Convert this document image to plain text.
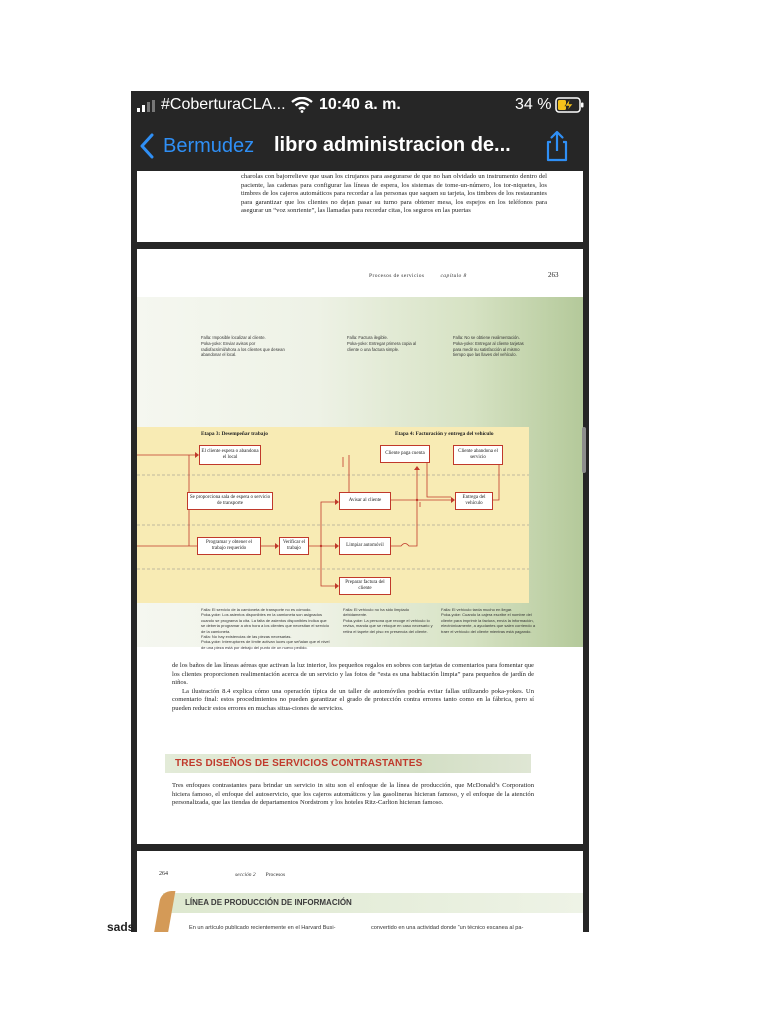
#CoberturaCLA... 10:40 a. m.	34 %
Bermudez libro administracion de...
charolas con bajorrelieve que usan los cirujanos para asegurarse de que no han olvidado un instrumento dentro del paciente, las cadenas para configurar las líneas de espera, los sistemas de tome-un-número, los tor-niquetes, los timbres de los cajeros automáticos para recordar a las personas que saquen su tarjeta, los timbres de los restaurantes para garantizar que los clientes no dejan pasar su turno para obtener mesa, los espejos en los teléfonos para asegurar un “voz sonriente”, las llamadas para recordar citas, los seguros en las puertas
Procesos de servicios	capítulo 8	263
Falla: Imposible localizar al cliente.
Poka-yoke: Enviar avisos por radiofacsímil/ahora a los clientes que desean abandonar el local.
Falla: Factura ilegible.
Poka-yoke: Entregar primera copia al cliente o una factura simple.
Falla: No se obtiene realimentación.
Poka-yoke: Entregar al cliente tarjetas para medir su satisfacción al mismo tiempo que las llaves del vehículo.
Etapa 3: Desempeñar trabajo	Etapa 4: Facturación y entrega del vehículo
El cliente espera o abandona el local
Cliente paga cuenta	Cliente abandona el servicio
Se proporciona sala de espera o servicio de transporte
Avisar al cliente
Entrega del vehículo
Programar y obtener el trabajo requerido
Verificar el trabajo
Limpiar automóvil
Preparar factura del cliente
Falla: El servicio de la camioneta de transporte no es cómodo.
Poka-yoke: Los asientos disponibles en la camioneta son asignados cuando se programa la cita. La falta de asientos disponibles indica que se debería programar a otra hora a los clientes que necesitan el servicio de la camioneta.
Falla: No hay existencias de las piezas necesarias.
Poka-yoke: Interruptores de límite activan luces que señalan que el nivel de una pieza está por debajo del punto de un nuevo pedido.
Falla: El vehículo no ha sido limpiado debidamente.
Poka-yoke: La persona que recoge el vehículo lo revisa, manda que se retoque en caso necesario y retira el tapete del piso en presencia del cliente.
Falla: El vehículo tarda mucho en llegar.
Poka-yoke: Cuando la cajera escribe el nombre del cliente para imprimir la factura, envía la información, electrónicamente, a ayudantes que salen corriendo a traer el vehículo del cliente mientras está pagando.

de los baños de las líneas aéreas que activan la luz interior, los pequeños regalos en sobres con tarjetas de comentarios para fomentar que los clientes proporcionen realimentación acerca de un servicio y las fotos de “esta es una habitación limpia” para pequeños de jardín de niños.

La ilustración 8.4 explica cómo una operación típica de un taller de automóviles podría evitar fallas utilizando poka-yokes. Un comentario final: estos procedimientos no pueden garantizar el grado de protección contra errores tanto como en la fábrica, pero sí pueden reducir estos errores en muchas situa-ciones de servicios.

TRES DISEÑOS DE SERVICIOS CONTRASTANTES
Tres enfoques contrastantes para brindar un servicio in situ son el enfoque de la línea de producción, que McDonald’s Corporation hiciera famoso, el enfoque del autoservicio, que los cajeros automáticos y las gasolineras hicieran famoso, y el enfoque de la atención personalizada, que las tiendas de departamentos Nordstrom y los hoteles Ritz-Carlton hicieran famoso.
264	sección 2 Procesos
LÍNEA DE PRODUCCIÓN DE INFORMACIÓN
En un artículo publicado recientemente en el Harvard Busi-	convertido en una actividad donde “un técnico escanea al pa-
sads
